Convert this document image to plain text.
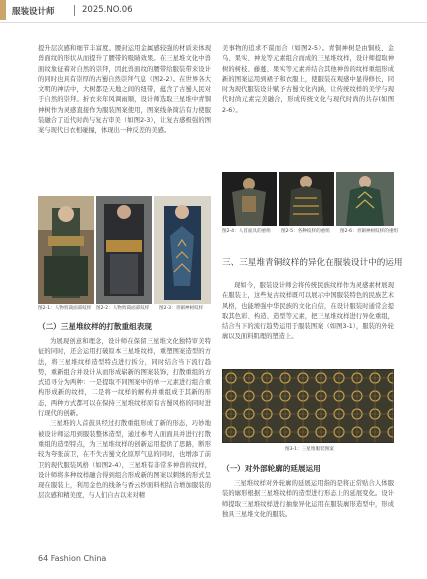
服装设计师	2025.NO.06

提升层次感和细节丰富度。腰封运用金属感较强的材质来体现兽面纹的形状从而提升了腰带的吸睛效果。在三星堆文化中兽面纹象征着对自然的崇拜，因此兽面纹的腰带给服装带来设计的同时也具有崇厚的古蜀自然崇拜气息（图2-2）。在世界各大文明的神话中，大树都是天地之间的纽带，蕴含了古蜀人民对于自然的崇拜。折衣来年风调雨顺，设计师选取三星堆中青铜神树作为灵感直接作为服装图案使用，图案线条简洁有力使服装融合了近代时尚与复古审美（如图2-3），让复古感极强的图案与现代日衣相碰撞，体现出一种反差的美感。

图2-1：人物剪裁面部纹样 图2-2：人物剪裁面部纹样 图2-3：青铜神树纹样
（二）三星堆纹样的打散重组表现

为展现创意和理念，设计师在保留三星堆文化独特审美特征的同时，还会运用打破原本三星堆纹样，重塑图案造型的方法，将三星堆纹样造型特点进行拆分，同时结合当下流行趋势，重新组合并设计从而形成崭新的图案装饰，打散重组的方式追寻分为两种：一是提取不同图案中的单一元素进行组合重构形成新的纹样，二是将一纹样的解构并重组成于其新的形态，两种方式都可以在保持三星堆纹样原有古蜀风格的同时进行现代的创新。

三星堆的人首鼓具经过打散重组形成了新的形态，巧妙地被设计师运用到服装整体造型，通过参考人面面具并进行打散重组的造型特点，为三星堆纹样的创新运用提供了思路，断形较为夸张前卫，在不失古蜀文化原厚气息的同时，也增添了前卫的现代服装风格（如图2-4），三星堆有非常多神兽的纹样，设计师将多种纹样融合得到组合形成新的图案以刺绣的形式呈现在服装上，利用金色的线条与香云纱面料相结合增加服装的层次感和精美度，与人们自古以来对精

美事物的追求不谋而合（如图2-5）。青铜神树是由铜枝、金乌、果实、神龙等元素组合而成的三星堆纹样，设计师提取神树的树枝、藤蔓、果实等元素并结合其他神兽的纹样重组形成新的图案运用到裙子和衣服上，使服装在观感中显得修长，同时为现代服装设计赋予古蜀文化内涵，让传统纹样的美学与现代时尚元素完美融合，形成传统文化与现代时尚的共存(如图2-6）。

图2-4：人首面具的重组 图2-5：各种纹样的重组 图2-6：青铜神树纹样的重组
三、三星堆青铜纹样的异化在服装设计中的运用

现如今，服装设计师会将传统民族纹样作为灵感素材展现在服装上，这些复古纹样既可以展示中国服装特色的民族艺术风格，也能增强中华民族的文化自信，在设计服装时通常会提取其色彩、构造、造型等元素，把三星堆纹样进行异化重组，结合当下的流行趋势运用于服装图案（如图3-1），服装的外轮廓以及面料肌理的塑造上。

图3-1：三星堆服装图案
（一）对外部轮廓的延展运用

三星堆纹样对外轮廓的延展运用指的是将正常贴合人体服装的廓形根据三星堆纹样的造型进行形态上的延展变化。设计师提取三星堆纹样进行抽象异化运用在服装廓形造型中，形成独具三星堆文化的服装。

64 Fashion China
